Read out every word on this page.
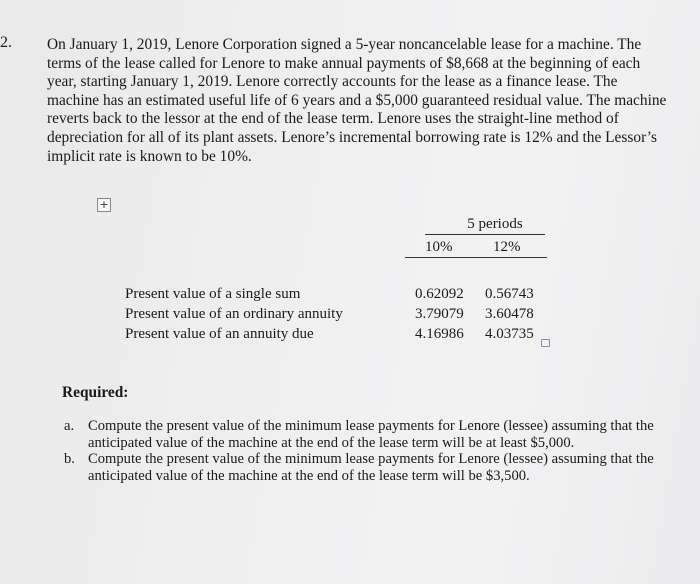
2. On January 1, 2019, Lenore Corporation signed a 5-year noncancelable lease for a machine. The terms of the lease called for Lenore to make annual payments of $8,668 at the beginning of each year, starting January 1, 2019. Lenore correctly accounts for the lease as a finance lease. The machine has an estimated useful life of 6 years and a $5,000 guaranteed residual value. The machine reverts back to the lessor at the end of the lease term. Lenore uses the straight-line method of depreciation for all of its plant assets. Lenore’s incremental borrowing rate is 12% and the Lessor’s implicit rate is known to be 10%.

+
5 periods
10%	12%
Present value of a single sum
Present value of an ordinary annuity
Present value of an annuity due
0.62092 0.56743
3.79079 3.60478
4.16986 4.03735
Required:
a. Compute the present value of the minimum lease payments for Lenore (lessee) assuming that the anticipated value of the machine at the end of the lease term will be at least $5,000.
b. Compute the present value of the minimum lease payments for Lenore (lessee) assuming that the anticipated value of the machine at the end of the lease term will be $3,500.
